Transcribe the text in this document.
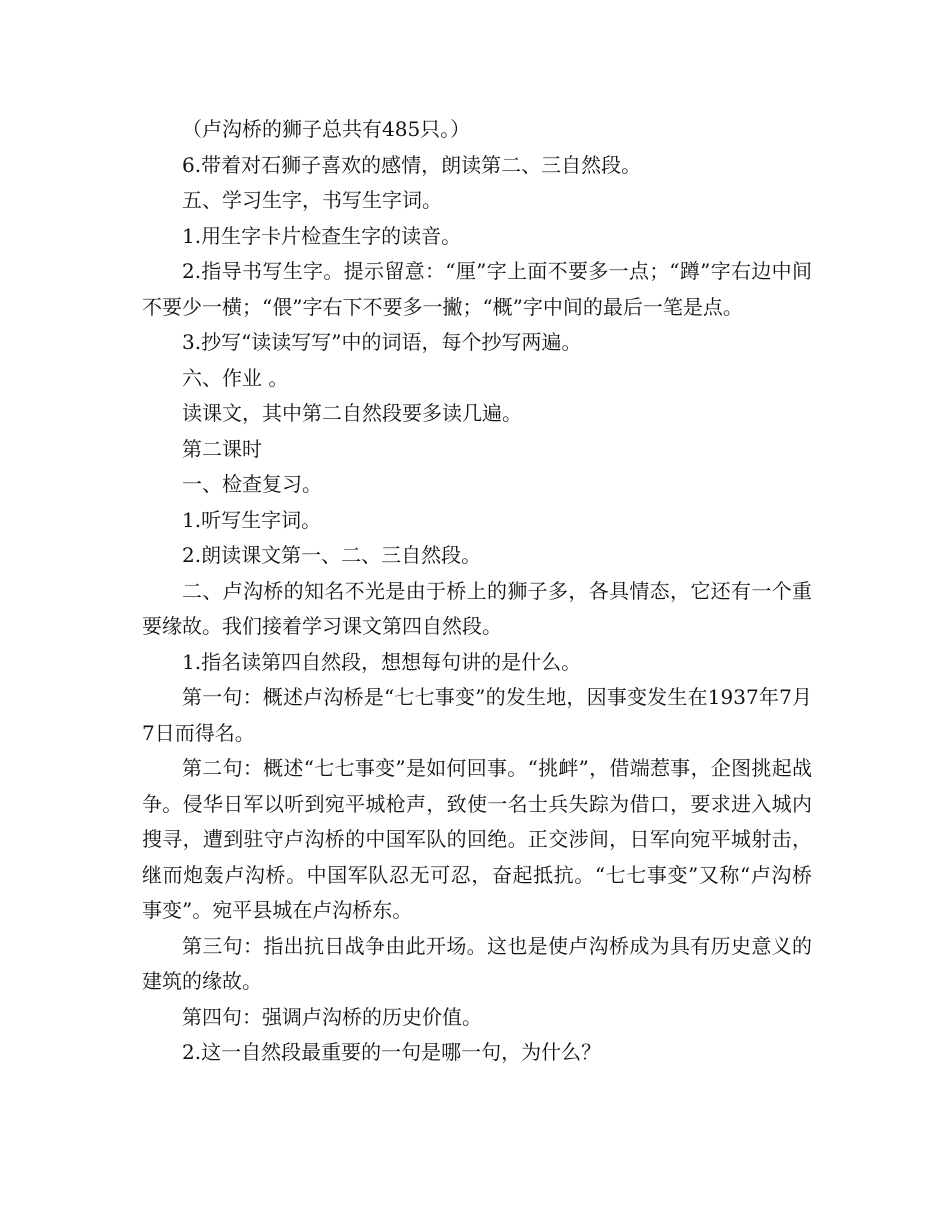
（卢沟桥的狮子总共有485只。）

6.带着对石狮子喜欢的感情，朗读第二、三自然段。

五、学习生字，书写生字词。

1.用生字卡片检查生字的读音。

2.指导书写生字。提示留意：“厘”字上面不要多一点；“蹲”字右边中间不要少一横；“偎”字右下不要多一撇；“概”字中间的最后一笔是点。

3.抄写“读读写写”中的词语，每个抄写两遍。

六、作业 。

读课文，其中第二自然段要多读几遍。

第二课时

一、检查复习。

1.听写生字词。

2.朗读课文第一、二、三自然段。

二、卢沟桥的知名不光是由于桥上的狮子多，各具情态，它还有一个重要缘故。我们接着学习课文第四自然段。

1.指名读第四自然段，想想每句讲的是什么。

第一句：概述卢沟桥是“七七事变”的发生地，因事变发生在1937年7月7日而得名。

第二句：概述“七七事变”是如何回事。“挑衅”，借端惹事，企图挑起战争。侵华日军以听到宛平城枪声，致使一名士兵失踪为借口，要求进入城内搜寻，遭到驻守卢沟桥的中国军队的回绝。正交涉间，日军向宛平城射击，继而炮轰卢沟桥。中国军队忍无可忍，奋起抵抗。“七七事变”又称“卢沟桥事变”。宛平县城在卢沟桥东。

第三句：指出抗日战争由此开场。这也是使卢沟桥成为具有历史意义的建筑的缘故。

第四句：强调卢沟桥的历史价值。

2.这一自然段最重要的一句是哪一句，为什么？
